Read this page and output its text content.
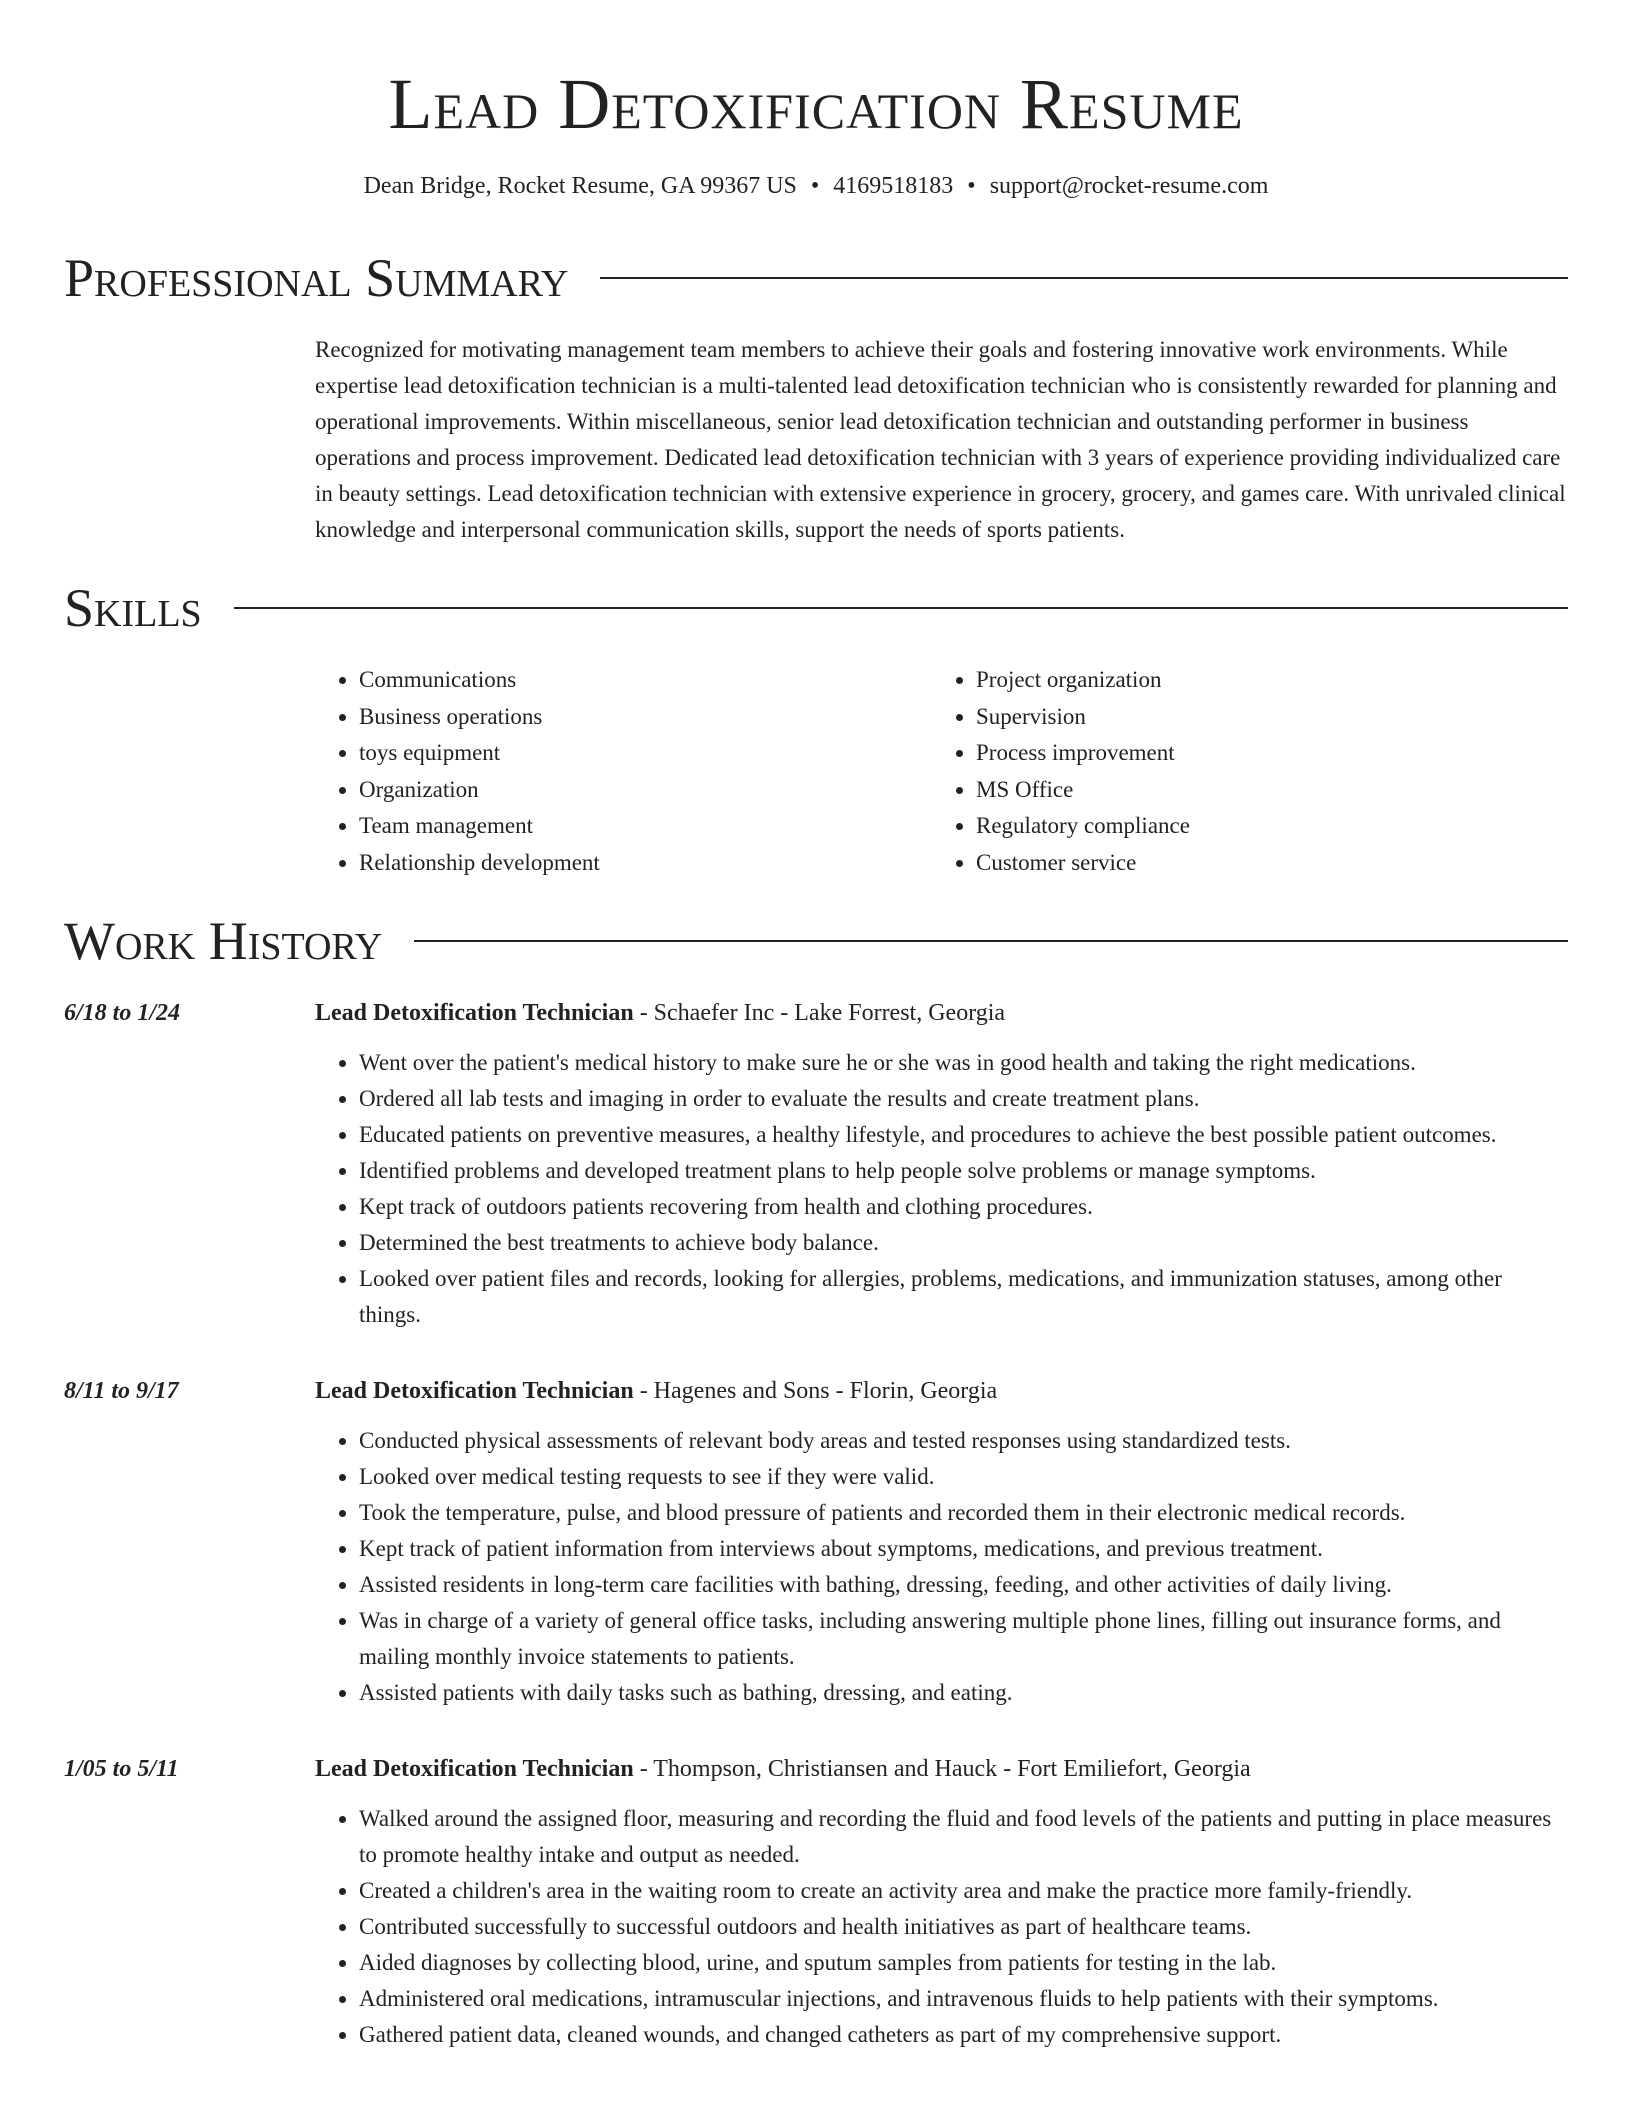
Lead Detoxification Resume
Dean Bridge, Rocket Resume, GA 99367 US • 4169518183 • support@rocket-resume.com
Professional Summary
Recognized for motivating management team members to achieve their goals and fostering innovative work environments. While expertise lead detoxification technician is a multi-talented lead detoxification technician who is consistently rewarded for planning and operational improvements. Within miscellaneous, senior lead detoxification technician and outstanding performer in business operations and process improvement. Dedicated lead detoxification technician with 3 years of experience providing individualized care in beauty settings. Lead detoxification technician with extensive experience in grocery, grocery, and games care. With unrivaled clinical knowledge and interpersonal communication skills, support the needs of sports patients.
Skills
• Communications
• Business operations
• toys equipment
• Organization
• Team management
• Relationship development
• Project organization
• Supervision
• Process improvement
• MS Office
• Regulatory compliance
• Customer service
Work History
6/18 to 1/24	Lead Detoxification Technician - Schaefer Inc - Lake Forrest, Georgia
• Went over the patient's medical history to make sure he or she was in good health and taking the right medications.
• Ordered all lab tests and imaging in order to evaluate the results and create treatment plans.
• Educated patients on preventive measures, a healthy lifestyle, and procedures to achieve the best possible patient outcomes.
• Identified problems and developed treatment plans to help people solve problems or manage symptoms.
• Kept track of outdoors patients recovering from health and clothing procedures.
• Determined the best treatments to achieve body balance.
• Looked over patient files and records, looking for allergies, problems, medications, and immunization statuses, among other things.
8/11 to 9/17	Lead Detoxification Technician - Hagenes and Sons - Florin, Georgia
• Conducted physical assessments of relevant body areas and tested responses using standardized tests.
• Looked over medical testing requests to see if they were valid.
• Took the temperature, pulse, and blood pressure of patients and recorded them in their electronic medical records.
• Kept track of patient information from interviews about symptoms, medications, and previous treatment.
• Assisted residents in long-term care facilities with bathing, dressing, feeding, and other activities of daily living.
• Was in charge of a variety of general office tasks, including answering multiple phone lines, filling out insurance forms, and mailing monthly invoice statements to patients.
• Assisted patients with daily tasks such as bathing, dressing, and eating.
1/05 to 5/11	Lead Detoxification Technician - Thompson, Christiansen and Hauck - Fort Emiliefort, Georgia
• Walked around the assigned floor, measuring and recording the fluid and food levels of the patients and putting in place measures to promote healthy intake and output as needed.
• Created a children's area in the waiting room to create an activity area and make the practice more family-friendly.
• Contributed successfully to successful outdoors and health initiatives as part of healthcare teams.
• Aided diagnoses by collecting blood, urine, and sputum samples from patients for testing in the lab.
• Administered oral medications, intramuscular injections, and intravenous fluids to help patients with their symptoms.
• Gathered patient data, cleaned wounds, and changed catheters as part of my comprehensive support.
